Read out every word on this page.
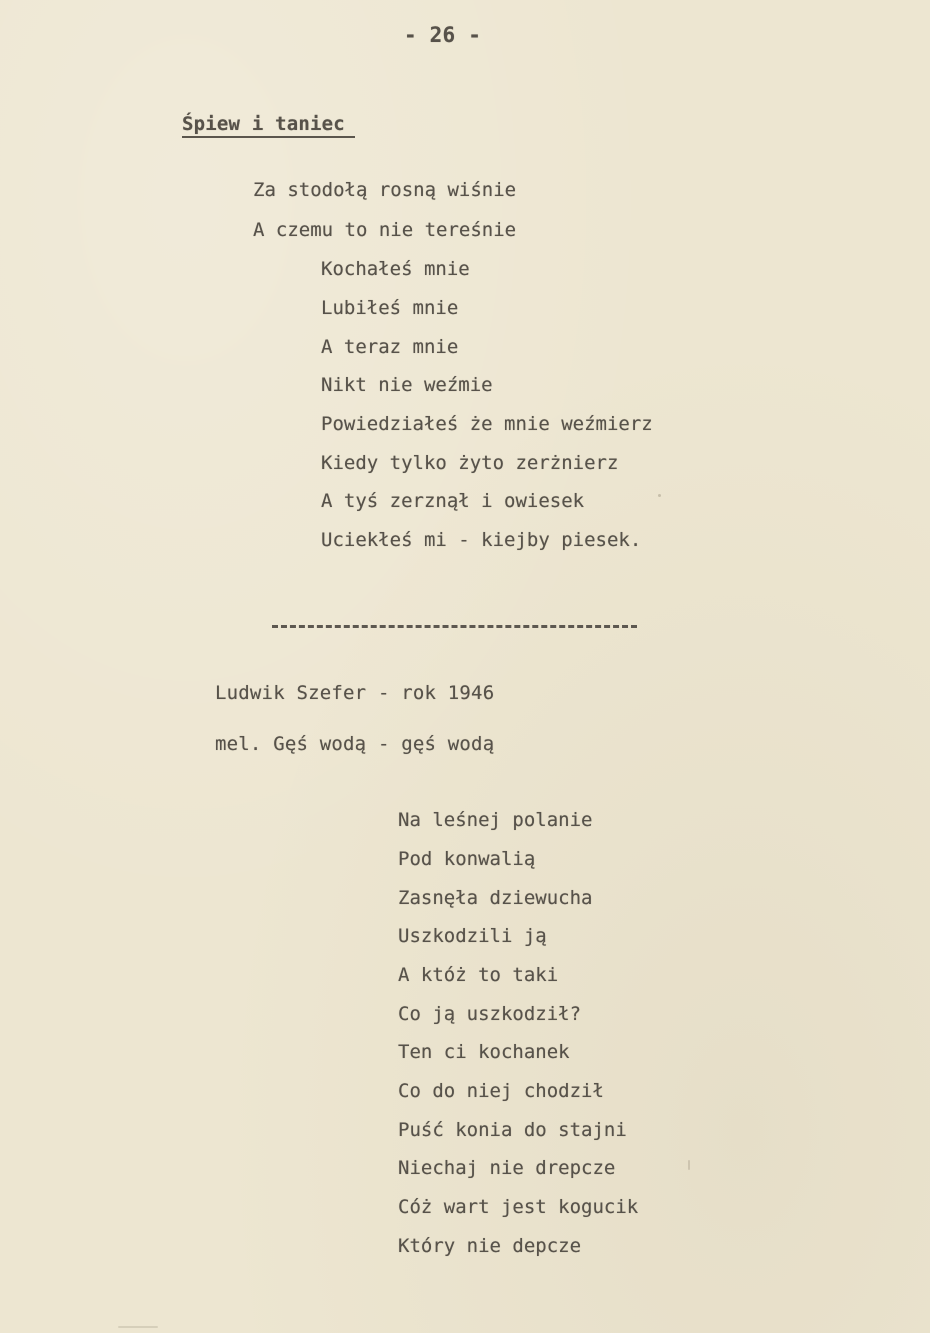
- 26 -
Śpiew i taniec
Za stodołą rosną wiśnie
A czemu to nie tereśnie
Kochałeś mnie
Lubiłeś mnie
A teraz mnie
Nikt nie weźmie
Powiedziałeś że mnie weźmierz
Kiedy tylko żyto zerżnierz
A tyś zerznął i owiesek
Uciekłeś mi - kiejby piesek.
Ludwik Szefer - rok 1946
mel. Gęś wodą - gęś wodą
Na leśnej polanie
Pod konwalią
Zasnęła dziewucha
Uszkodzili ją
A któż to taki
Co ją uszkodził?
Ten ci kochanek
Co do niej chodził
Puść konia do stajni
Niechaj nie drepcze
Cóż wart jest kogucik
Który nie depcze
